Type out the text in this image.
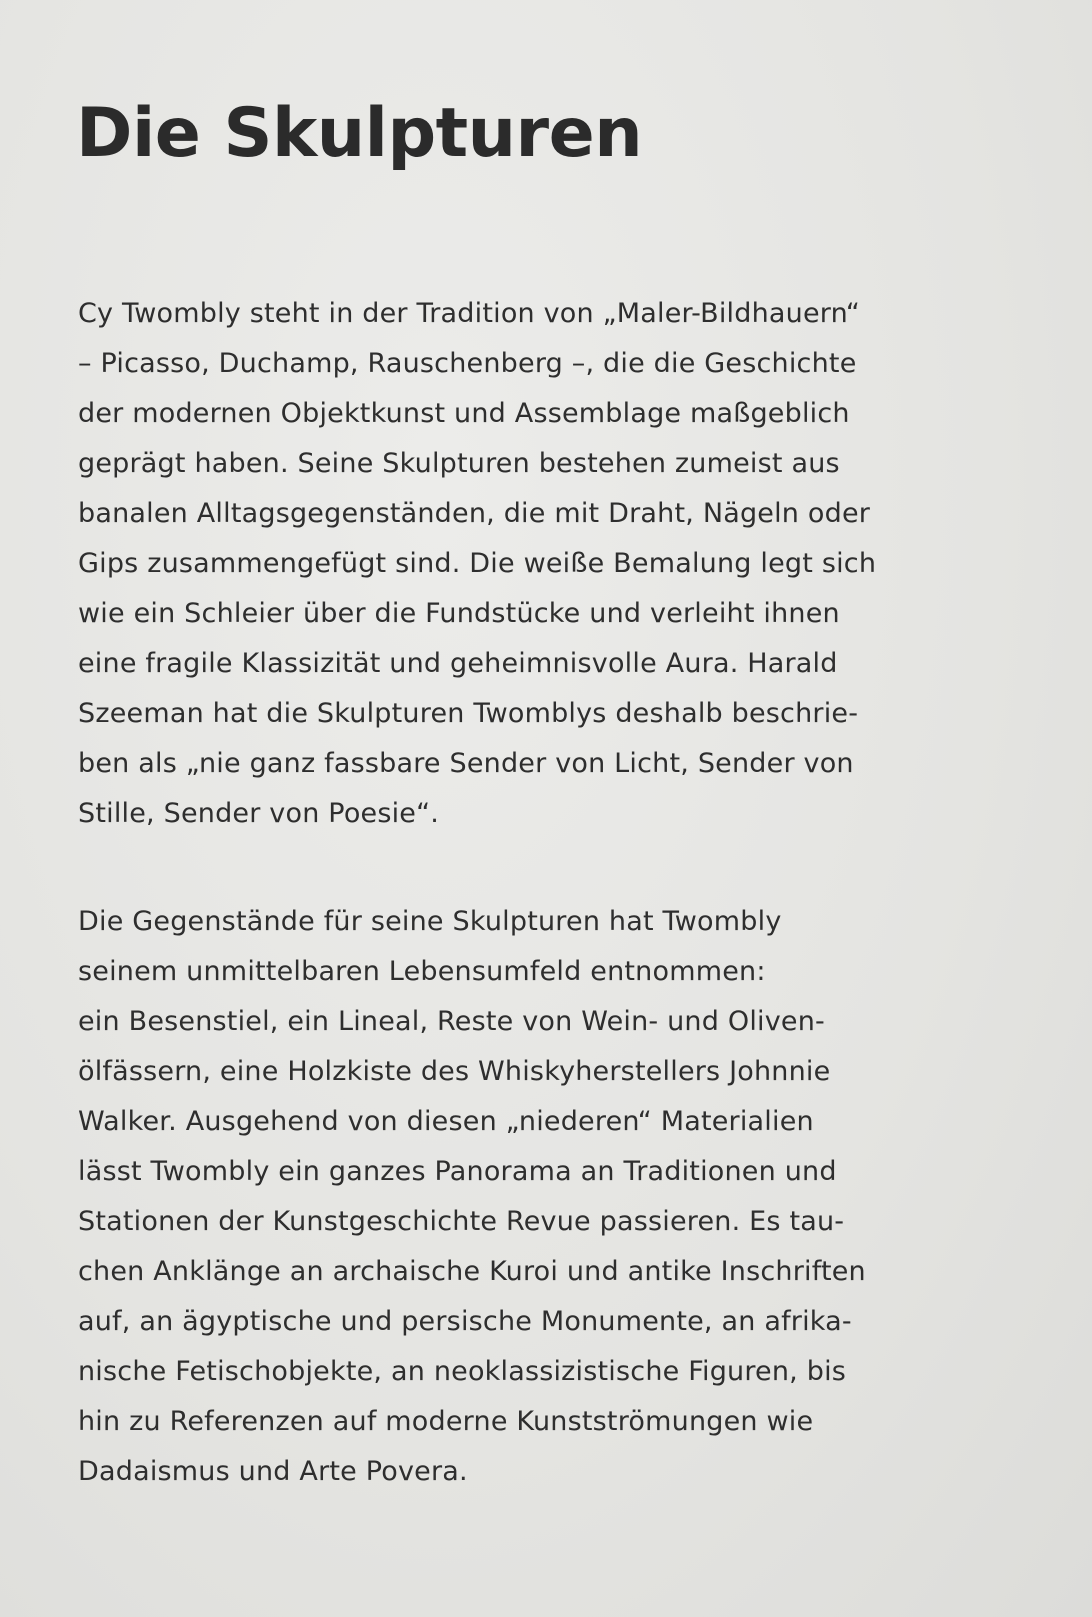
Die Skulpturen

Cy Twombly steht in der Tradition von „Maler-Bildhauern“
– Picasso, Duchamp, Rauschenberg –, die die Geschichte
der modernen Objektkunst und Assemblage maßgeblich
geprägt haben. Seine Skulpturen bestehen zumeist aus
banalen Alltagsgegenständen, die mit Draht, Nägeln oder
Gips zusammengefügt sind. Die weiße Bemalung legt sich
wie ein Schleier über die Fundstücke und verleiht ihnen
eine fragile Klassizität und geheimnisvolle Aura. Harald
Szeeman hat die Skulpturen Twomblys deshalb beschrie-
ben als „nie ganz fassbare Sender von Licht, Sender von
Stille, Sender von Poesie“.

Die Gegenstände für seine Skulpturen hat Twombly
seinem unmittelbaren Lebensumfeld entnommen:
ein Besenstiel, ein Lineal, Reste von Wein- und Oliven-
ölfässern, eine Holzkiste des Whiskyherstellers Johnnie
Walker. Ausgehend von diesen „niederen“ Materialien
lässt Twombly ein ganzes Panorama an Traditionen und
Stationen der Kunstgeschichte Revue passieren. Es tau-
chen Anklänge an archaische Kuroi und antike Inschriften
auf, an ägyptische und persische Monumente, an afrika-
nische Fetischobjekte, an neoklassizistische Figuren, bis
hin zu Referenzen auf moderne Kunstströmungen wie
Dadaismus und Arte Povera.
